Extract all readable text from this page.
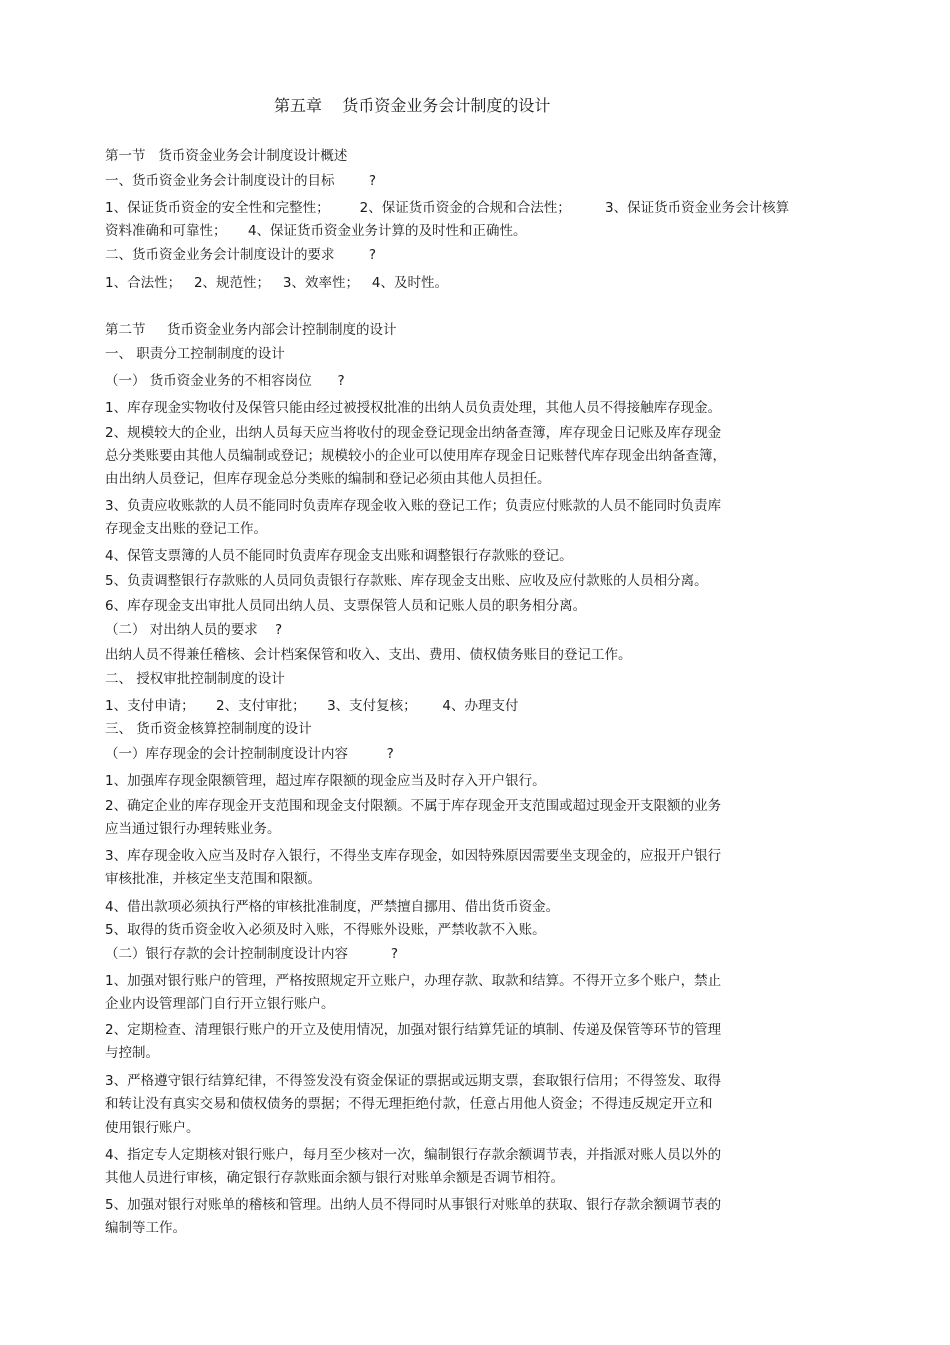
第五章    货币资金业务会计制度的设计
第一节   货币资金业务会计制度设计概述
一、货币资金业务会计制度设计的目标        ?
1、保证货币资金的安全性和完整性；       2、保证货币资金的合规和合法性；        3、保证货币资金业务会计核算
资料准确和可靠性；     4、保证货币资金业务计算的及时性和正确性。
二、货币资金业务会计制度设计的要求        ?
1、合法性；   2、规范性；   3、效率性；   4、及时性。
第二节     货币资金业务内部会计控制制度的设计
一、 职责分工控制制度的设计
（一） 货币资金业务的不相容岗位      ?
1、库存现金实物收付及保管只能由经过被授权批准的出纳人员负责处理，其他人员不得接触库存现金。
2、规模较大的企业，出纳人员每天应当将收付的现金登记现金出纳备查簿，库存现金日记账及库存现金
总分类账要由其他人员编制或登记；规模较小的企业可以使用库存现金日记账替代库存现金出纳备查簿，
由出纳人员登记，但库存现金总分类账的编制和登记必须由其他人员担任。
3、负责应收账款的人员不能同时负责库存现金收入账的登记工作；负责应付账款的人员不能同时负责库
存现金支出账的登记工作。
4、保管支票簿的人员不能同时负责库存现金支出账和调整银行存款账的登记。
5、负责调整银行存款账的人员同负责银行存款账、库存现金支出账、应收及应付款账的人员相分离。
6、库存现金支出审批人员同出纳人员、支票保管人员和记账人员的职务相分离。
（二） 对出纳人员的要求    ?
出纳人员不得兼任稽核、会计档案保管和收入、支出、费用、债权债务账目的登记工作。
二、 授权审批控制制度的设计
1、支付申请；     2、支付审批；     3、支付复核；      4、办理支付
三、 货币资金核算控制制度的设计
（一）库存现金的会计控制制度设计内容         ?
1、加强库存现金限额管理，超过库存限额的现金应当及时存入开户银行。
2、确定企业的库存现金开支范围和现金支付限额。不属于库存现金开支范围或超过现金开支限额的业务
应当通过银行办理转账业务。
3、库存现金收入应当及时存入银行，不得坐支库存现金，如因特殊原因需要坐支现金的，应报开户银行
审核批准，并核定坐支范围和限额。
4、借出款项必须执行严格的审核批准制度，严禁擅自挪用、借出货币资金。
5、取得的货币资金收入必须及时入账，不得账外设账，严禁收款不入账。
（二）银行存款的会计控制制度设计内容          ?
1、加强对银行账户的管理，严格按照规定开立账户，办理存款、取款和结算。不得开立多个账户，禁止
企业内设管理部门自行开立银行账户。
2、定期检查、清理银行账户的开立及使用情况，加强对银行结算凭证的填制、传递及保管等环节的管理
与控制。
3、严格遵守银行结算纪律，不得签发没有资金保证的票据或远期支票，套取银行信用；不得签发、取得
和转让没有真实交易和债权债务的票据；不得无理拒绝付款，任意占用他人资金；不得违反规定开立和
使用银行账户。
4、指定专人定期核对银行账户，每月至少核对一次，编制银行存款余额调节表，并指派对账人员以外的
其他人员进行审核，确定银行存款账面余额与银行对账单余额是否调节相符。
5、加强对银行对账单的稽核和管理。出纳人员不得同时从事银行对账单的获取、银行存款余额调节表的
编制等工作。
